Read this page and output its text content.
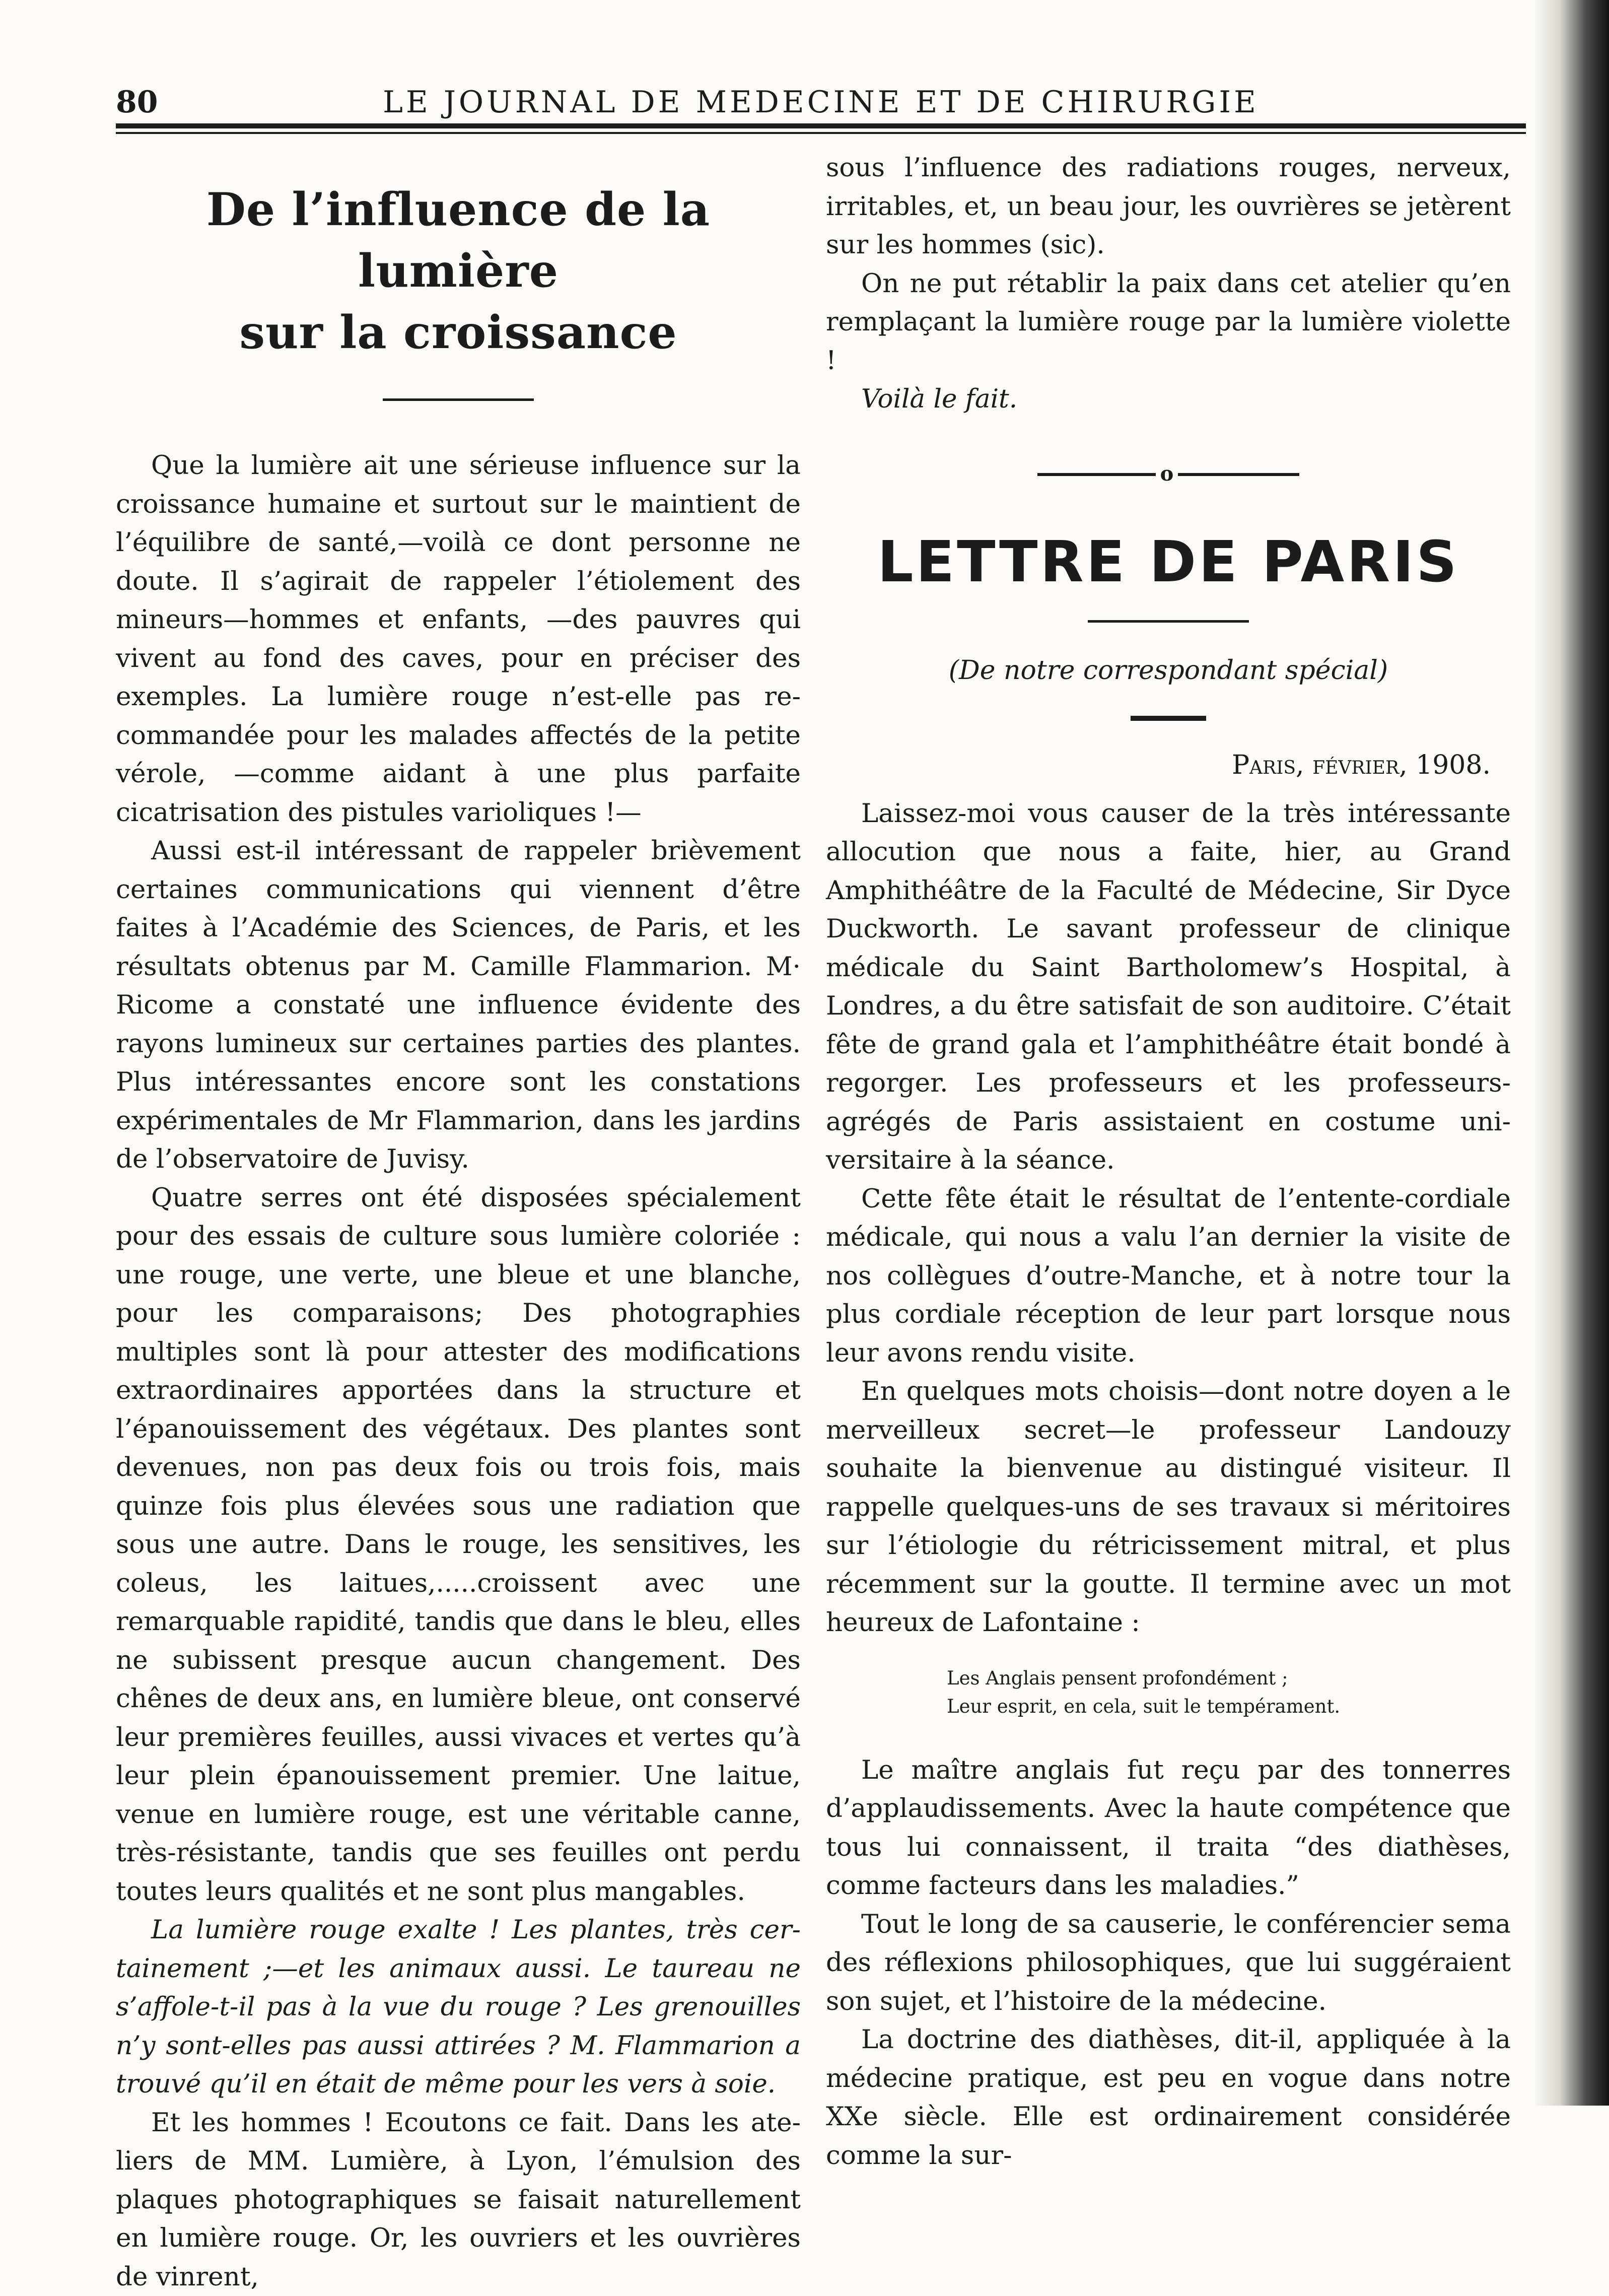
80	LE JOURNAL DE MEDECINE ET DE CHIRURGIE
De l’influence de la lumière
sur la croissance

Que la lumière ait une sérieuse influence sur la croissance humaine et surtout sur le maintient de l’équilibre de santé,—voilà ce dont personne ne doute. Il s’agirait de rappeler l’étiolement des mineurs—hommes et enfants, —des pauvres qui vivent au fond des caves, pour en préciser des exemples. La lumière rouge n’est-elle pas recommandée pour les malades affectés de la petite vérole, —comme aidant à une plus parfaite cicatrisation des pistules varioliques !—

Aussi est-il intéressant de rappeler brièvement certaines communications qui viennent d’être faites à l’Académie des Sciences, de Paris, et les résultats obtenus par M. Camille Flammarion. M· Ricome a constaté une influence évidente des rayons lumineux sur certaines parties des plantes. Plus intéressantes encore sont les constations expérimentales de Mr Flammarion, dans les jardins de l’observatoire de Juvisy.

Quatre serres ont été disposées spécialement pour des essais de culture sous lumière coloriée : une rouge, une verte, une bleue et une blanche, pour les comparaisons; Des photographies multiples sont là pour attester des modifications extraordinaires apportées dans la structure et l’épanouissement des végétaux. Des plantes sont devenues, non pas deux fois ou trois fois, mais quinze fois plus élevées sous une radiation que sous une autre. Dans le rouge, les sensitives, les coleus, les laitues,.....croissent avec une remarquable rapidité, tandis que dans le bleu, elles ne subissent presque aucun changement. Des chênes de deux ans, en lumière bleue, ont conservé leur premières feuilles, aussi vivaces et vertes qu’à leur plein épanouissement premier. Une laitue, venue en lumière rouge, est une véritable canne, très-résistante, tandis que ses feuilles ont perdu toutes leurs qualités et ne sont plus mangables.

La lumière rouge exalte ! Les plantes, très certainement ;—et les animaux aussi. Le taureau ne s’affole-t-il pas à la vue du rouge ? Les grenouilles n’y sont-elles pas aussi attirées ? M. Flammarion a trouvé qu’il en était de même pour les vers à soie.

Et les hommes ! Ecoutons ce fait. Dans les ateliers de MM. Lumière, à Lyon, l’émulsion des plaques photographiques se faisait naturellement en lumière rouge. Or, les ouvriers et les ouvrières de vinrent,

sous l’influence des radiations rouges, nerveux, irritables, et, un beau jour, les ouvrières se jetèrent sur les hommes (sic).

On ne put rétablir la paix dans cet atelier qu’en remplaçant la lumière rouge par la lumière violette !

Voilà le fait.

o
LETTRE DE PARIS

(De notre correspondant spécial)

Paris, février, 1908.

Laissez-moi vous causer de la très intéressante allocution que nous a faite, hier, au Grand Amphithéâtre de la Faculté de Médecine, Sir Dyce Duckworth. Le savant professeur de clinique médicale du Saint Bartholomew’s Hospital, à Londres, a du être satisfait de son auditoire. C’était fête de grand gala et l’amphithéâtre était bondé à regorger. Les professeurs et les professeurs-agrégés de Paris assistaient en costume universitaire à la séance.

Cette fête était le résultat de l’entente-cordiale médicale, qui nous a valu l’an dernier la visite de nos collègues d’outre-Manche, et à notre tour la plus cordiale réception de leur part lorsque nous leur avons rendu visite.

En quelques mots choisis—dont notre doyen a le merveilleux secret—le professeur Landouzy souhaite la bienvenue au distingué visiteur. Il rappelle quelques-uns de ses travaux si méritoires sur l’étiologie du rétricissement mitral, et plus récemment sur la goutte. Il termine avec un mot heureux de Lafontaine :

Les Anglais pensent profondément ;
Leur esprit, en cela, suit le tempérament.

Le maître anglais fut reçu par des tonnerres d’applaudissements. Avec la haute compétence que tous lui connaissent, il traita “des diathèses, comme facteurs dans les maladies.”

Tout le long de sa causerie, le conférencier sema des réflexions philosophiques, que lui suggéraient son sujet, et l’histoire de la médecine.

La doctrine des diathèses, dit-il, appliquée à la médecine pratique, est peu en vogue dans notre XXe siècle. Elle est ordinairement considérée comme la sur-
